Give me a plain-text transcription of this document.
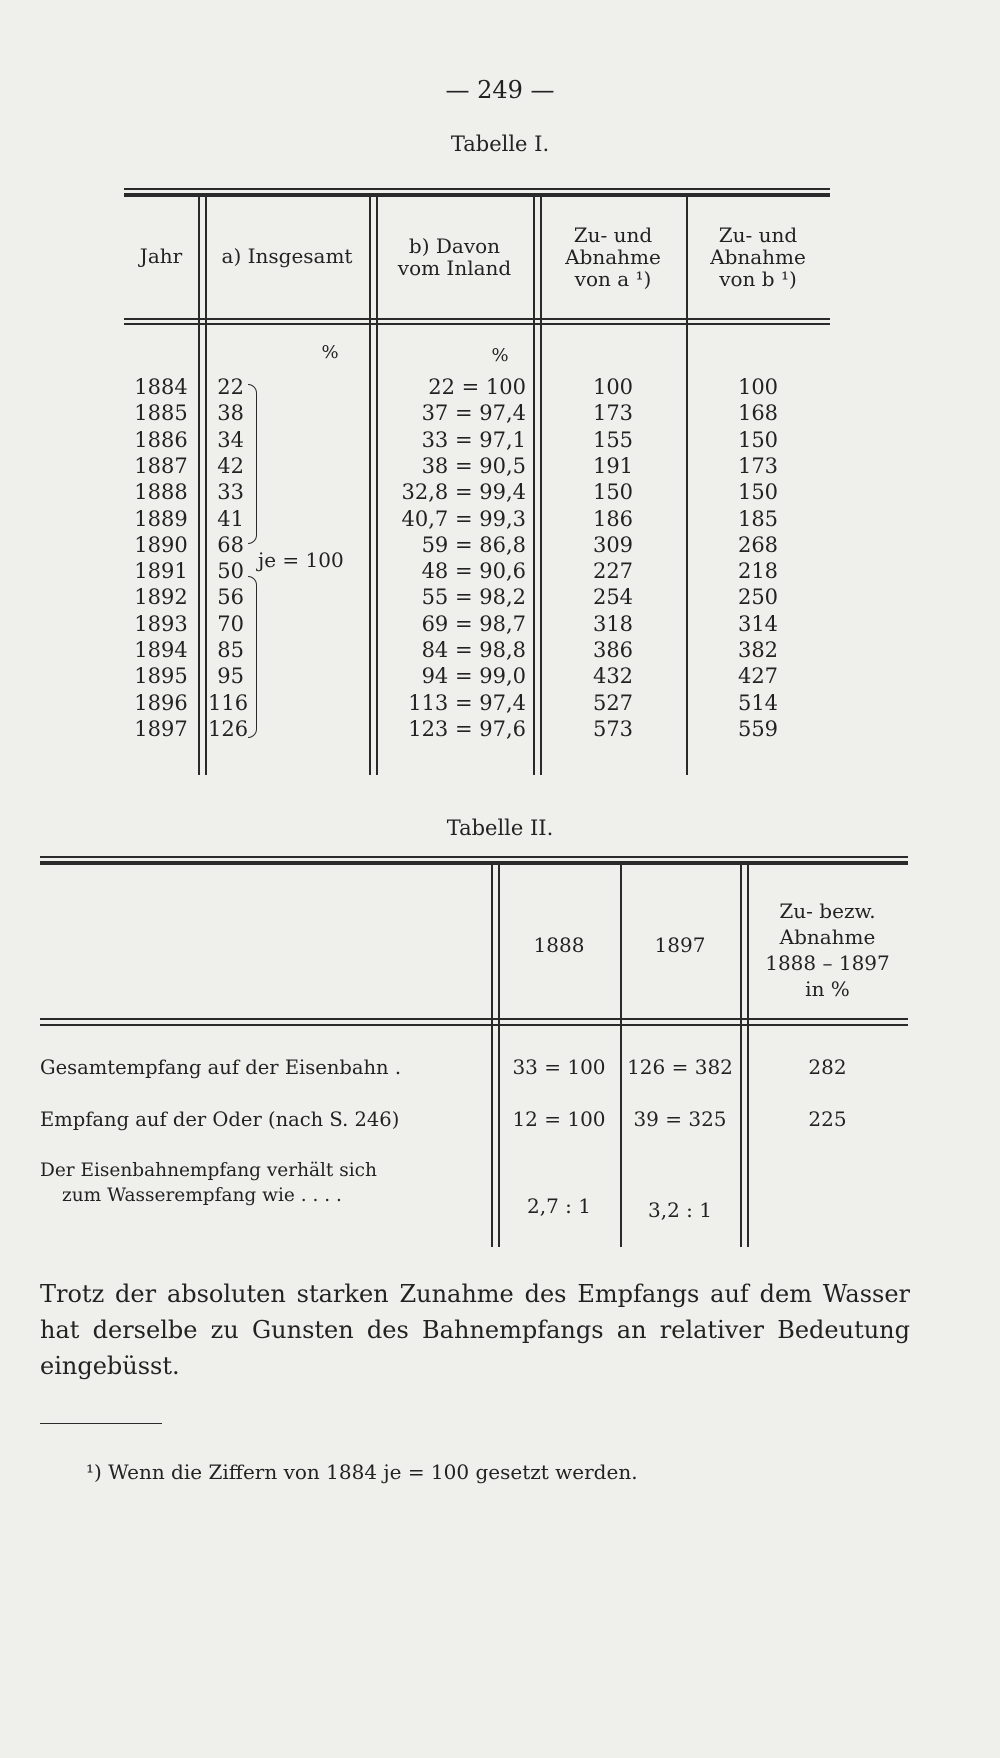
— 249 —
Tabelle I.
Jahr	a) Insgesamt	b) Davon
vom Inland
Zu- und
Abnahme
von a ¹)
Zu- und
Abnahme
von b ¹)
%	%
je = 100
1884	22	22 = 100	100	100
1885	38	37 = 97,4	173	168
1886	34	33 = 97,1	155	150
1887	42	38 = 90,5	191	173
1888	33	32,8 = 99,4	150	150
1889	41	40,7 = 99,3	186	185
1890	68	59 = 86,8	309	268
1891	50	48 = 90,6	227	218
1892	56	55 = 98,2	254	250
1893	70	69 = 98,7	318	314
1894	85	84 = 98,8	386	382
1895	95	94 = 99,0	432	427
1896 116	113 = 97,4	527	514
1897 126	123 = 97,6	573	559
Tabelle II.
1888	1897
Zu- bezw.
Abnahme
1888 – 1897
in %
Gesamtempfang auf der Eisenbahn .	33 = 100	126 = 382	282
Empfang auf der Oder (nach S. 246)	12 = 100	39 = 325	225
Der Eisenbahnempfang verhält sich
zum Wasserempfang wie . . . .	2,7 : 1	3,2 : 1
Trotz der absoluten starken Zunahme des Empfangs auf dem Wasser hat derselbe zu Gunsten des Bahnempfangs an relativer Bedeutung eingebüsst.
¹) Wenn die Ziffern von 1884 je = 100 gesetzt werden.
